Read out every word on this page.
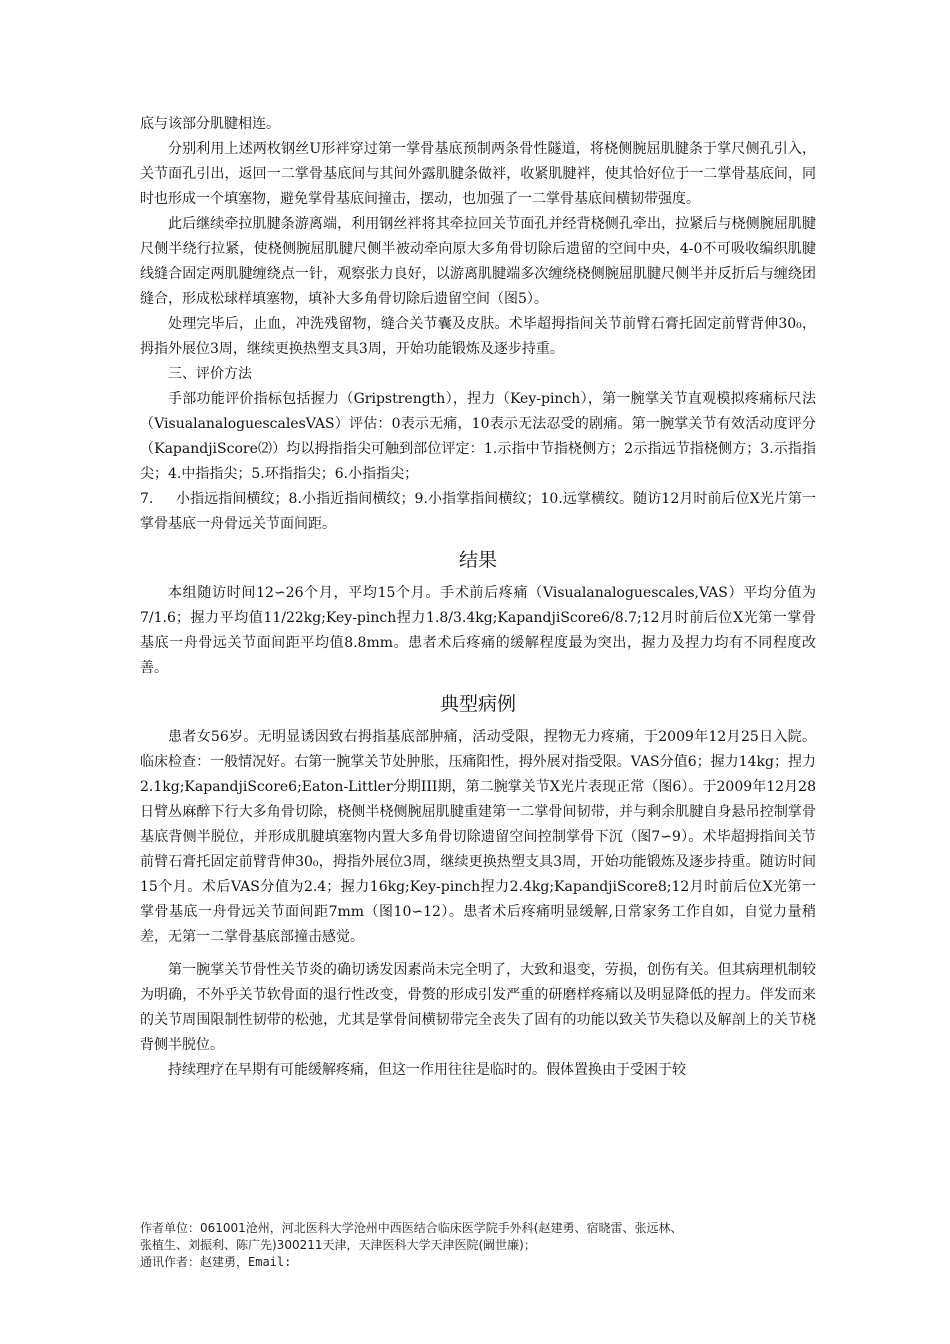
底与该部分肌腱相连。

分别利用上述两枚钢丝U形袢穿过第一掌骨基底预制两条骨性隧道，将桡侧腕屈肌腱条于掌尺侧孔引入，关节面孔引出，返回一二掌骨基底间与其间外露肌腱条做袢，收紧肌腱袢，使其恰好位于一二掌骨基底间，同时也形成一个填塞物，避免掌骨基底间撞击，摆动，也加强了一二掌骨基底间横韧带强度。

此后继续牵拉肌腱条游离端，利用钢丝袢将其牵拉回关节面孔并经背桡侧孔牵出，拉紧后与桡侧腕屈肌腱尺侧半绕行拉紧，使桡侧腕屈肌腱尺侧半被动牵向原大多角骨切除后遗留的空间中央，4-0不可吸收编织肌腱线缝合固定两肌腱缠绕点一针，观察张力良好，以游离肌腱端多次缠绕桡侧腕屈肌腱尺侧半并反折后与缠绕团缝合，形成松球样填塞物，填补大多角骨切除后遗留空间（图5）。

处理完毕后，止血，冲洗残留物，缝合关节囊及皮肤。术毕超拇指间关节前臂石膏托固定前臂背伸30₀，拇指外展位3周，继续更换热塑支具3周，开始功能锻炼及逐步持重。

三、评价方法

手部功能评价指标包括握力（Gripstrength），捏力（Key-pinch），第一腕掌关节直观模拟疼痛标尺法（VisualanaloguescalesVAS）评估：0表示无痛，10表示无法忍受的剧痛。第一腕掌关节有效活动度评分（KapandjiScore⑵）均以拇指指尖可触到部位评定：1.示指中节指桡侧方；2示指远节指桡侧方；3.示指指尖；4.中指指尖；5.环指指尖；6.小指指尖；

7.     小指远指间横纹；8.小指近指间横纹；9.小指掌指间横纹；10.远掌横纹。随访12月时前后位X光片第一掌骨基底一舟骨远关节面间距。

结果

本组随访时间12∽26个月，平均15个月。手术前后疼痛（Visualanaloguescales,VAS）平均分值为7/1.6；握力平均值11/22kg;Key-pinch捏力1.8/3.4kg;KapandjiScore6/8.7;12月时前后位X光第一掌骨基底一舟骨远关节面间距平均值8.8mm。患者术后疼痛的缓解程度最为突出，握力及捏力均有不同程度改善。

典型病例

患者女56岁。无明显诱因致右拇指基底部肿痛，活动受限，捏物无力疼痛，于2009年12月25日入院。临床检查：一般情况好。右第一腕掌关节处肿胀，压痛阳性，拇外展对指受限。VAS分值6；握力14kg；捏力2.1kg;KapandjiScore6;Eaton-Littler分期III期，第二腕掌关节X光片表现正常（图6）。于2009年12月28日臂丛麻醉下行大多角骨切除，桡侧半桡侧腕屈肌腱重建第一二掌骨间韧带，并与剩余肌腱自身悬吊控制掌骨基底背侧半脱位，并形成肌腱填塞物内置大多角骨切除遗留空间控制掌骨下沉（图7∽9）。术毕超拇指间关节前臂石膏托固定前臂背伸30₀，拇指外展位3周，继续更换热塑支具3周，开始功能锻炼及逐步持重。随访时间15个月。术后VAS分值为2.4；握力16kg;Key-pinch捏力2.4kg;KapandjiScore8;12月时前后位X光第一掌骨基底一舟骨远关节面间距7mm（图10∽12）。患者术后疼痛明显缓解,日常家务工作自如，自觉力量稍差，无第一二掌骨基底部撞击感觉。

第一腕掌关节骨性关节炎的确切诱发因素尚未完全明了，大致和退变，劳损，创伤有关。但其病理机制较为明确，不外乎关节软骨面的退行性改变，骨赘的形成引发严重的研磨样疼痛以及明显降低的捏力。伴发而来的关节周围限制性韧带的松弛，尤其是掌骨间横韧带完全丧失了固有的功能以致关节失稳以及解剖上的关节桡背侧半脱位。

持续理疗在早期有可能缓解疼痛，但这一作用往往是临时的。假体置换由于受困于较

作者单位：061001沧州，河北医科大学沧州中西医结合临床医学院手外科(赵建勇、宿晓雷、张远林、

张植生、刘振利、陈广先)300211天津，天津医科大学天津医院(阚世廉)；

通讯作者：赵建勇，Email:
